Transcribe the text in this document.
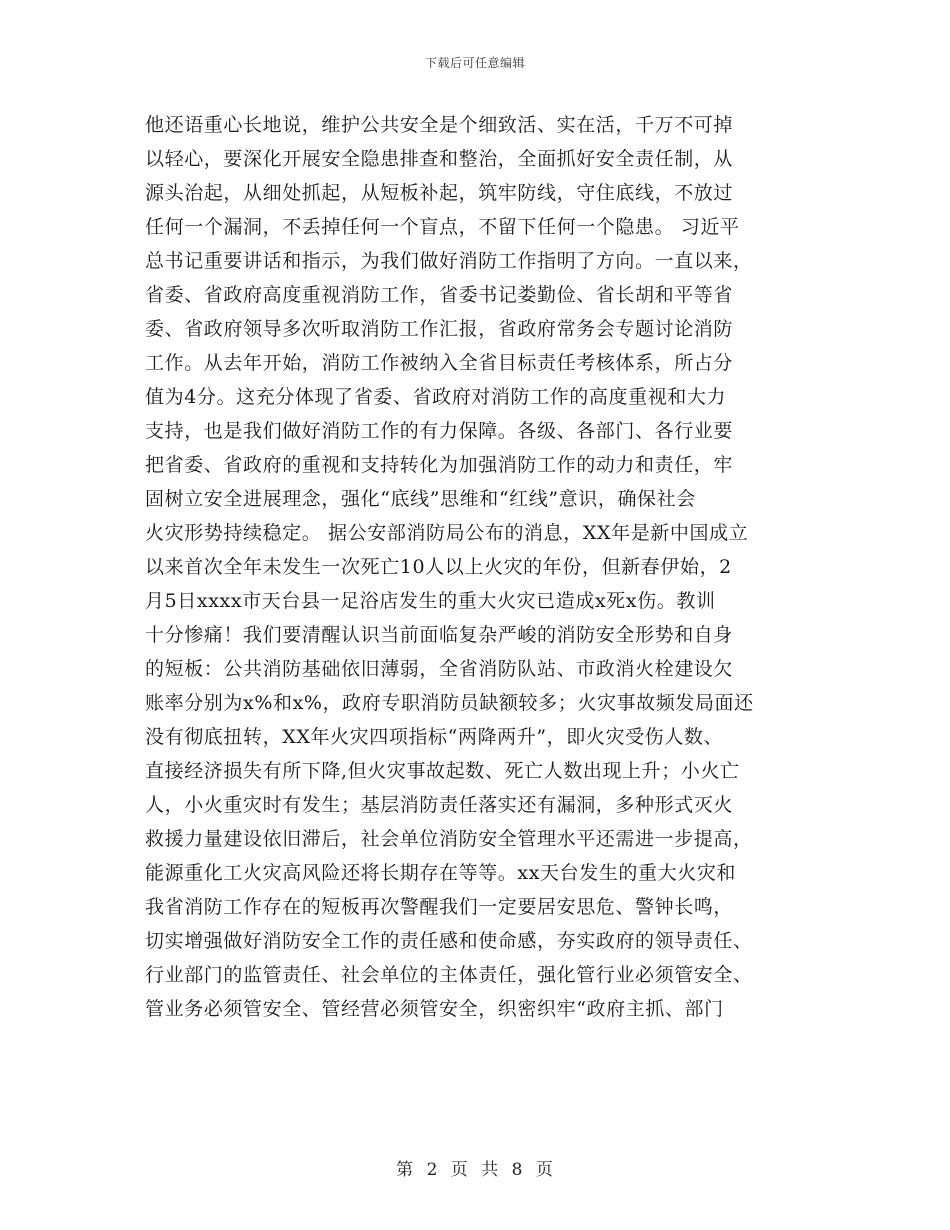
下载后可任意编辑
他还语重心长地说，维护公共安全是个细致活、实在活，千万不可掉
以轻心，要深化开展安全隐患排查和整治，全面抓好安全责任制，从
源头治起，从细处抓起，从短板补起，筑牢防线，守住底线，不放过
任何一个漏洞，不丢掉任何一个盲点，不留下任何一个隐患。 习近平
总书记重要讲话和指示，为我们做好消防工作指明了方向。一直以来，
省委、省政府高度重视消防工作，省委书记娄勤俭、省长胡和平等省
委、省政府领导多次听取消防工作汇报，省政府常务会专题讨论消防
工作。从去年开始，消防工作被纳入全省目标责任考核体系，所占分
值为4分。这充分体现了省委、省政府对消防工作的高度重视和大力
支持，也是我们做好消防工作的有力保障。各级、各部门、各行业要
把省委、省政府的重视和支持转化为加强消防工作的动力和责任，牢
固树立安全进展理念，强化“底线”思维和“红线”意识，确保社会
火灾形势持续稳定。 据公安部消防局公布的消息，XX年是新中国成立
以来首次全年未发生一次死亡10人以上火灾的年份，但新春伊始，2
月5日xxxx市天台县一足浴店发生的重大火灾已造成x死x伤。教训
十分惨痛！我们要清醒认识当前面临复杂严峻的消防安全形势和自身
的短板：公共消防基础依旧薄弱，全省消防队站、市政消火栓建设欠
账率分别为x%和x%，政府专职消防员缺额较多；火灾事故频发局面还
没有彻底扭转，XX年火灾四项指标“两降两升”，即火灾受伤人数、
直接经济损失有所下降,但火灾事故起数、死亡人数出现上升；小火亡
人，小火重灾时有发生；基层消防责任落实还有漏洞，多种形式灭火
救援力量建设依旧滞后，社会单位消防安全管理水平还需进一步提高，
能源重化工火灾高风险还将长期存在等等。xx天台发生的重大火灾和
我省消防工作存在的短板再次警醒我们一定要居安思危、警钟长鸣，
切实增强做好消防安全工作的责任感和使命感，夯实政府的领导责任、
行业部门的监管责任、社会单位的主体责任，强化管行业必须管安全、
管业务必须管安全、管经营必须管安全，织密织牢“政府主抓、部门
第 2 页 共 8 页
